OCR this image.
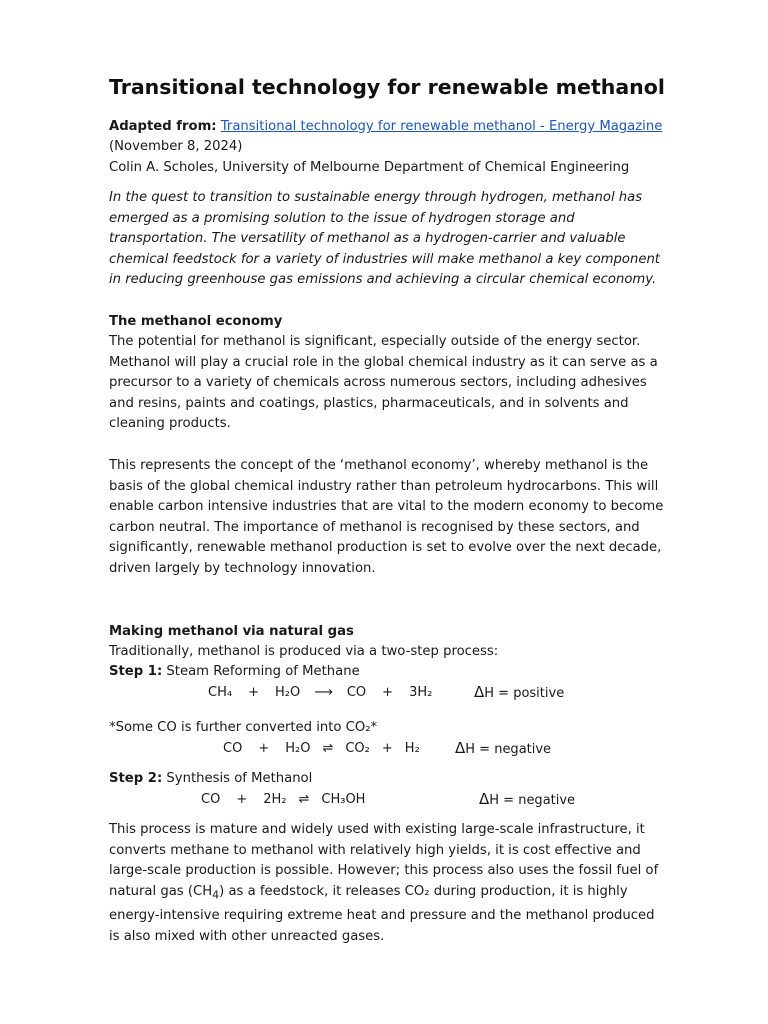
Transitional technology for renewable methanol
Adapted from: Transitional technology for renewable methanol - Energy Magazine
(November 8, 2024)
Colin A. Scholes, University of Melbourne Department of Chemical Engineering
In the quest to transition to sustainable energy through hydrogen, methanol has emerged as a promising solution to the issue of hydrogen storage and transportation. The versatility of methanol as a hydrogen-carrier and valuable chemical feedstock for a variety of industries will make methanol a key component in reducing greenhouse gas emissions and achieving a circular chemical economy.
The methanol economy
The potential for methanol is significant, especially outside of the energy sector. Methanol will play a crucial role in the global chemical industry as it can serve as a precursor to a variety of chemicals across numerous sectors, including adhesives and resins, paints and coatings, plastics, pharmaceuticals, and in solvents and cleaning products.
This represents the concept of the ‘methanol economy’, whereby methanol is the basis of the global chemical industry rather than petroleum hydrocarbons. This will enable carbon intensive industries that are vital to the modern economy to become carbon neutral. The importance of methanol is recognised by these sectors, and significantly, renewable methanol production is set to evolve over the next decade, driven largely by technology innovation.
Making methanol via natural gas
Traditionally, methanol is produced via a two-step process:
Step 1: Steam Reforming of Methane
CH₄ + H₂O ⟶ CO + 3H₂	ΔH = positive
*Some CO is further converted into CO₂*
CO + H₂O ⇌ CO₂ + H₂ ΔH = negative
Step 2: Synthesis of Methanol
CO + 2H₂ ⇌ CH₃OH	ΔH = negative
This process is mature and widely used with existing large-scale infrastructure, it converts methane to methanol with relatively high yields, it is cost effective and large-scale production is possible. However; this process also uses the fossil fuel of natural gas $(CH_4)$ as a feedstock, it releases CO₂ during production, it is highly energy-intensive requiring extreme heat and pressure and the methanol produced is also mixed with other unreacted gases.
